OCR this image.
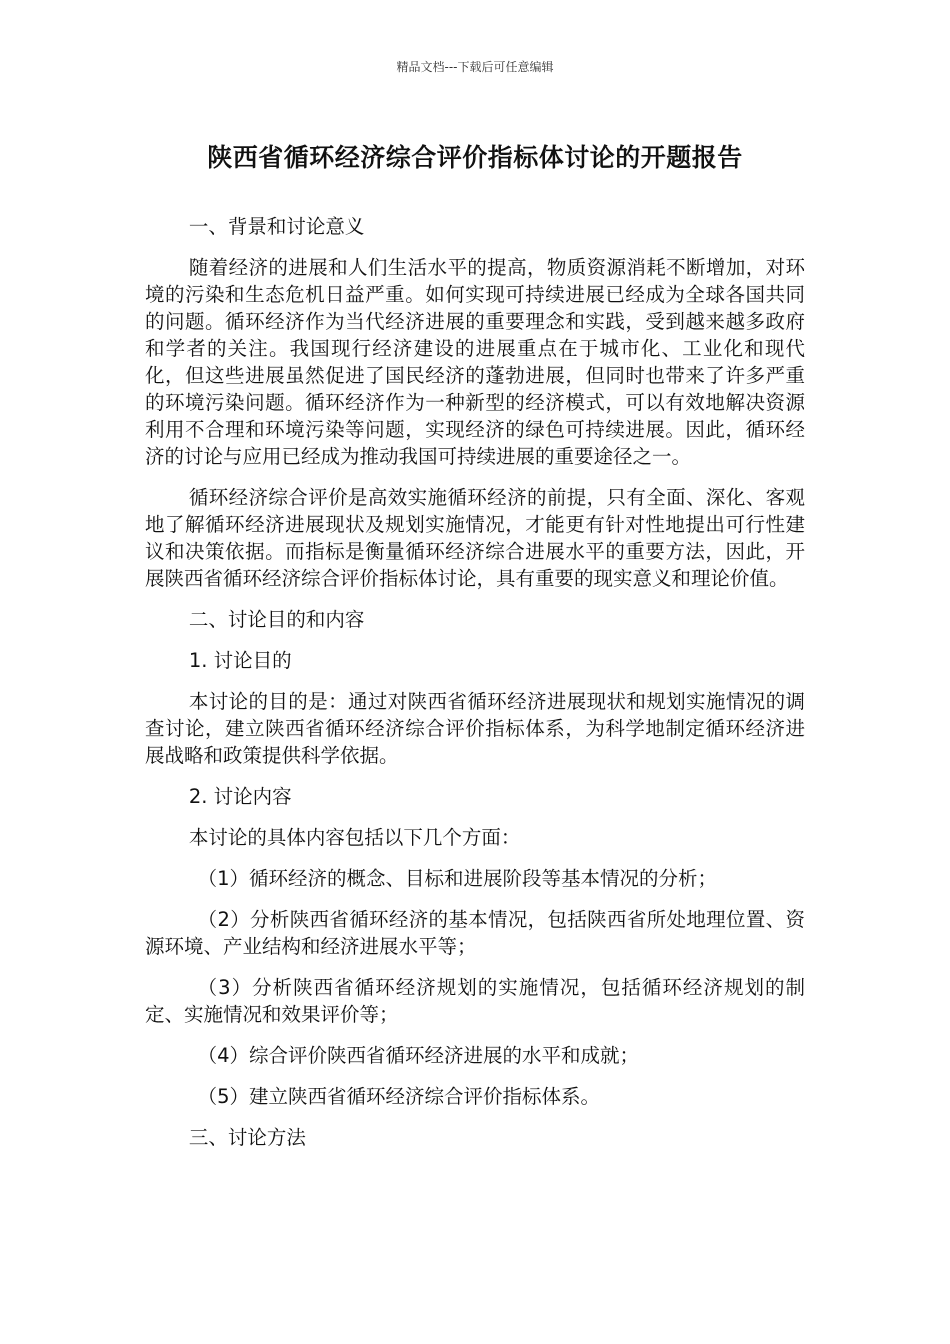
精品文档---下载后可任意编辑
陕西省循环经济综合评价指标体讨论的开题报告

一、背景和讨论意义

随着经济的进展和人们生活水平的提高，物质资源消耗不断增加，对环境的污染和生态危机日益严重。如何实现可持续进展已经成为全球各国共同的问题。循环经济作为当代经济进展的重要理念和实践，受到越来越多政府和学者的关注。我国现行经济建设的进展重点在于城市化、工业化和现代化，但这些进展虽然促进了国民经济的蓬勃进展，但同时也带来了许多严重的环境污染问题。循环经济作为一种新型的经济模式，可以有效地解决资源利用不合理和环境污染等问题，实现经济的绿色可持续进展。因此，循环经济的讨论与应用已经成为推动我国可持续进展的重要途径之一。

循环经济综合评价是高效实施循环经济的前提，只有全面、深化、客观地了解循环经济进展现状及规划实施情况，才能更有针对性地提出可行性建议和决策依据。而指标是衡量循环经济综合进展水平的重要方法，因此，开展陕西省循环经济综合评价指标体讨论，具有重要的现实意义和理论价值。

二、讨论目的和内容

1. 讨论目的

本讨论的目的是：通过对陕西省循环经济进展现状和规划实施情况的调查讨论，建立陕西省循环经济综合评价指标体系，为科学地制定循环经济进展战略和政策提供科学依据。

2. 讨论内容

本讨论的具体内容包括以下几个方面：

（1）循环经济的概念、目标和进展阶段等基本情况的分析；

（2）分析陕西省循环经济的基本情况，包括陕西省所处地理位置、资源环境、产业结构和经济进展水平等；

（3）分析陕西省循环经济规划的实施情况，包括循环经济规划的制定、实施情况和效果评价等；

（4）综合评价陕西省循环经济进展的水平和成就；

（5）建立陕西省循环经济综合评价指标体系。

三、讨论方法
